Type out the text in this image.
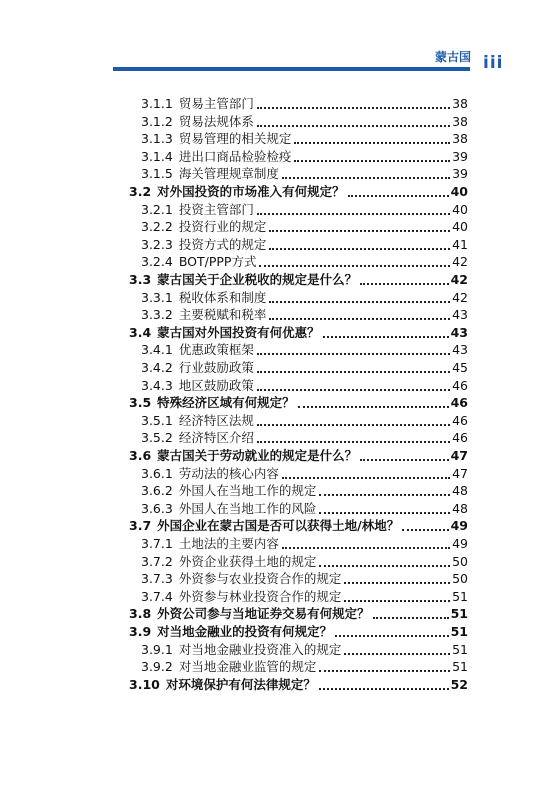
蒙古国 iii
3.1.1 贸易主管部门	38
3.1.2 贸易法规体系	38
3.1.3 贸易管理的相关规定	38
3.1.4 进出口商品检验检疫	39
3.1.5 海关管理规章制度	39
3.2 对外国投资的市场准入有何规定？	40
3.2.1 投资主管部门	40
3.2.2 投资行业的规定	40
3.2.3 投资方式的规定	41
3.2.4 BOT/PPP方式	42
3.3 蒙古国关于企业税收的规定是什么？	42
3.3.1 税收体系和制度	42
3.3.2 主要税赋和税率	43
3.4 蒙古国对外国投资有何优惠？	43
3.4.1 优惠政策框架	43
3.4.2 行业鼓励政策	45
3.4.3 地区鼓励政策	46
3.5 特殊经济区域有何规定？	46
3.5.1 经济特区法规	46
3.5.2 经济特区介绍	46
3.6 蒙古国关于劳动就业的规定是什么？	47
3.6.1 劳动法的核心内容	47
3.6.2 外国人在当地工作的规定	48
3.6.3 外国人在当地工作的风险	48
3.7 外国企业在蒙古国是否可以获得土地/林地？	49
3.7.1 土地法的主要内容	49
3.7.2 外资企业获得土地的规定	50
3.7.3 外资参与农业投资合作的规定	50
3.7.4 外资参与林业投资合作的规定	51
3.8 外资公司参与当地证券交易有何规定？	51
3.9 对当地金融业的投资有何规定？	51
3.9.1 对当地金融业投资准入的规定	51
3.9.2 对当地金融业监管的规定	51
3.10 对环境保护有何法律规定？	52
